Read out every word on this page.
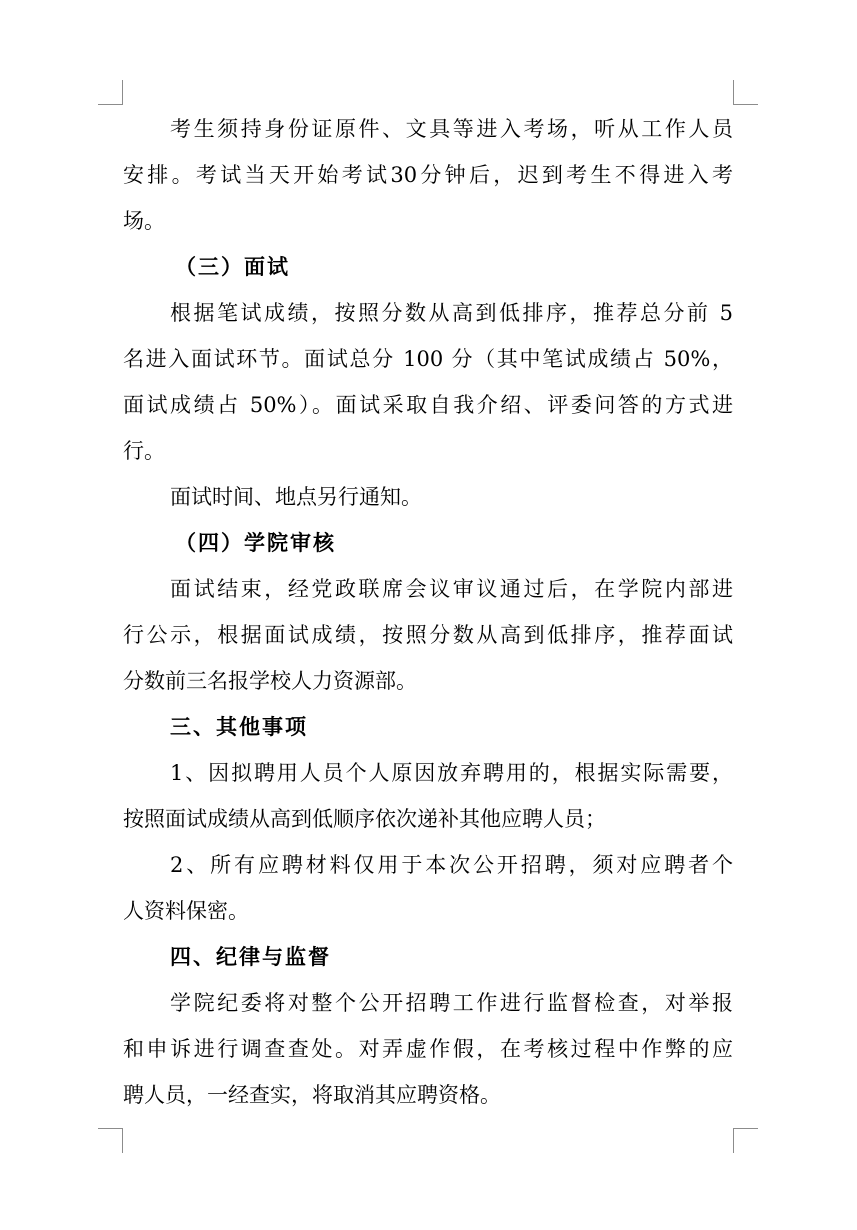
考生须持身份证原件、文具等进入考场，听从工作人员
安排。考试当天开始考试30分钟后，迟到考生不得进入考
场。
（三）面试
根据笔试成绩，按照分数从高到低排序，推荐总分前 5
名进入面试环节。面试总分 100 分（其中笔试成绩占 50%，
面试成绩占 50%）。面试采取自我介绍、评委问答的方式进
行。
面试时间、地点另行通知。
（四）学院审核
面试结束，经党政联席会议审议通过后，在学院内部进
行公示，根据面试成绩，按照分数从高到低排序，推荐面试
分数前三名报学校人力资源部。
三、其他事项
1、因拟聘用人员个人原因放弃聘用的，根据实际需要，
按照面试成绩从高到低顺序依次递补其他应聘人员；
2、所有应聘材料仅用于本次公开招聘，须对应聘者个
人资料保密。
四、纪律与监督
学院纪委将对整个公开招聘工作进行监督检查，对举报
和申诉进行调查查处。对弄虚作假，在考核过程中作弊的应
聘人员，一经查实，将取消其应聘资格。
